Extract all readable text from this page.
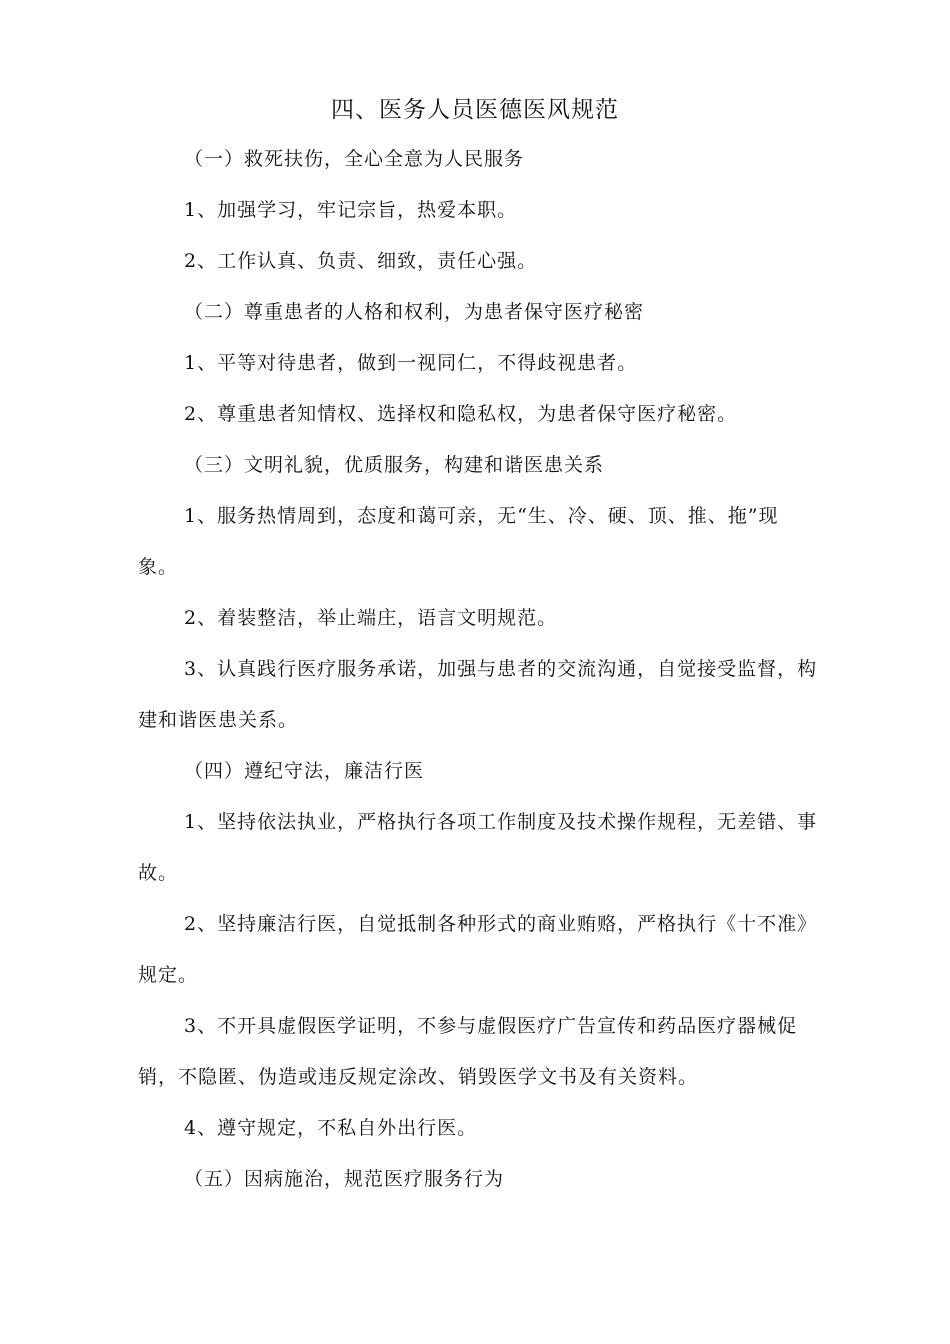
四、医务人员医德医风规范

（一）救死扶伤，全心全意为人民服务

1、加强学习，牢记宗旨，热爱本职。

2、工作认真、负责、细致，责任心强。

（二）尊重患者的人格和权利，为患者保守医疗秘密

1、平等对待患者，做到一视同仁，不得歧视患者。

2、尊重患者知情权、选择权和隐私权，为患者保守医疗秘密。

（三）文明礼貌，优质服务，构建和谐医患关系

1、服务热情周到，态度和蔼可亲，无“生、冷、硬、顶、推、拖”现象。

2、着装整洁，举止端庄，语言文明规范。

3、认真践行医疗服务承诺，加强与患者的交流沟通，自觉接受监督，构建和谐医患关系。

（四）遵纪守法，廉洁行医

1、坚持依法执业，严格执行各项工作制度及技术操作规程，无差错、事故。

2、坚持廉洁行医，自觉抵制各种形式的商业贿赂，严格执行《十不准》规定。

3、不开具虚假医学证明，不参与虚假医疗广告宣传和药品医疗器械促销，不隐匿、伪造或违反规定涂改、销毁医学文书及有关资料。

4、遵守规定，不私自外出行医。

（五）因病施治，规范医疗服务行为
